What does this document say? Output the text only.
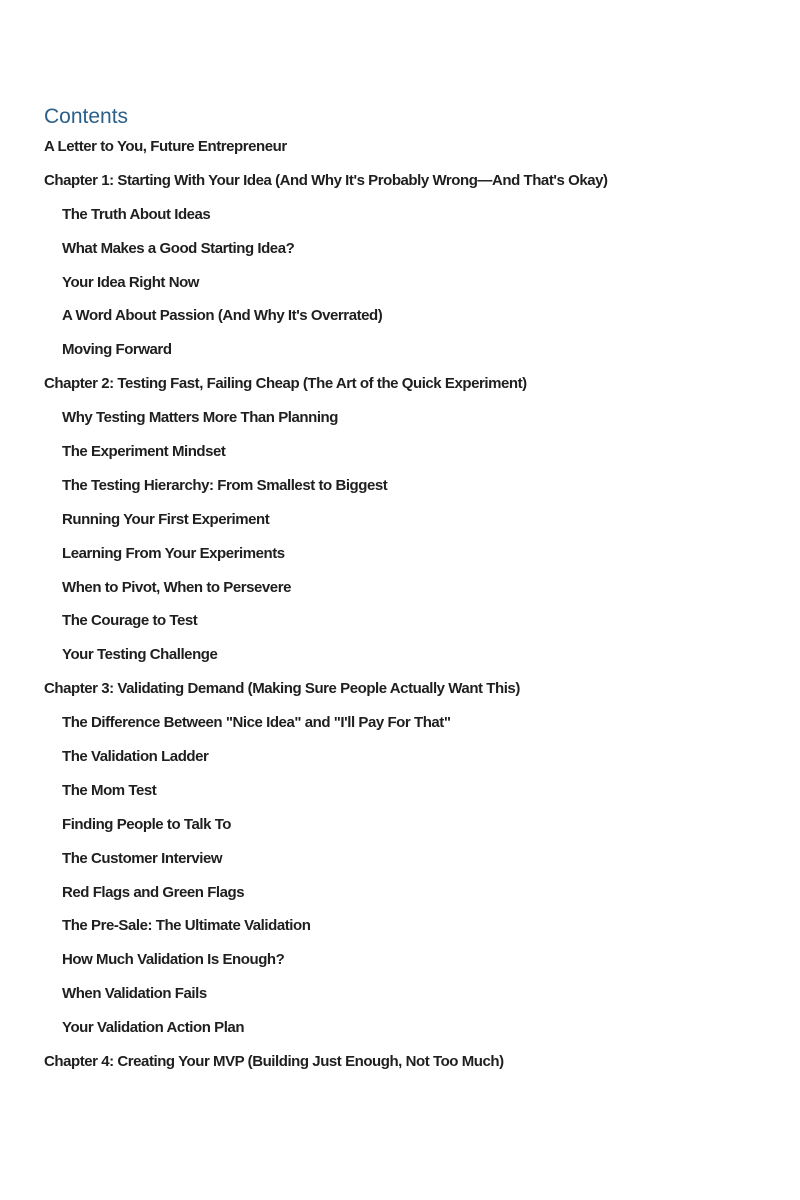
Contents
A Letter to You, Future Entrepreneur
Chapter 1: Starting With Your Idea (And Why It's Probably Wrong—And That's Okay)
The Truth About Ideas
What Makes a Good Starting Idea?
Your Idea Right Now
A Word About Passion (And Why It's Overrated)
Moving Forward
Chapter 2: Testing Fast, Failing Cheap (The Art of the Quick Experiment)
Why Testing Matters More Than Planning
The Experiment Mindset
The Testing Hierarchy: From Smallest to Biggest
Running Your First Experiment
Learning From Your Experiments
When to Pivot, When to Persevere
The Courage to Test
Your Testing Challenge
Chapter 3: Validating Demand (Making Sure People Actually Want This)
The Difference Between "Nice Idea" and "I'll Pay For That"
The Validation Ladder
The Mom Test
Finding People to Talk To
The Customer Interview
Red Flags and Green Flags
The Pre-Sale: The Ultimate Validation
How Much Validation Is Enough?
When Validation Fails
Your Validation Action Plan
Chapter 4: Creating Your MVP (Building Just Enough, Not Too Much)
